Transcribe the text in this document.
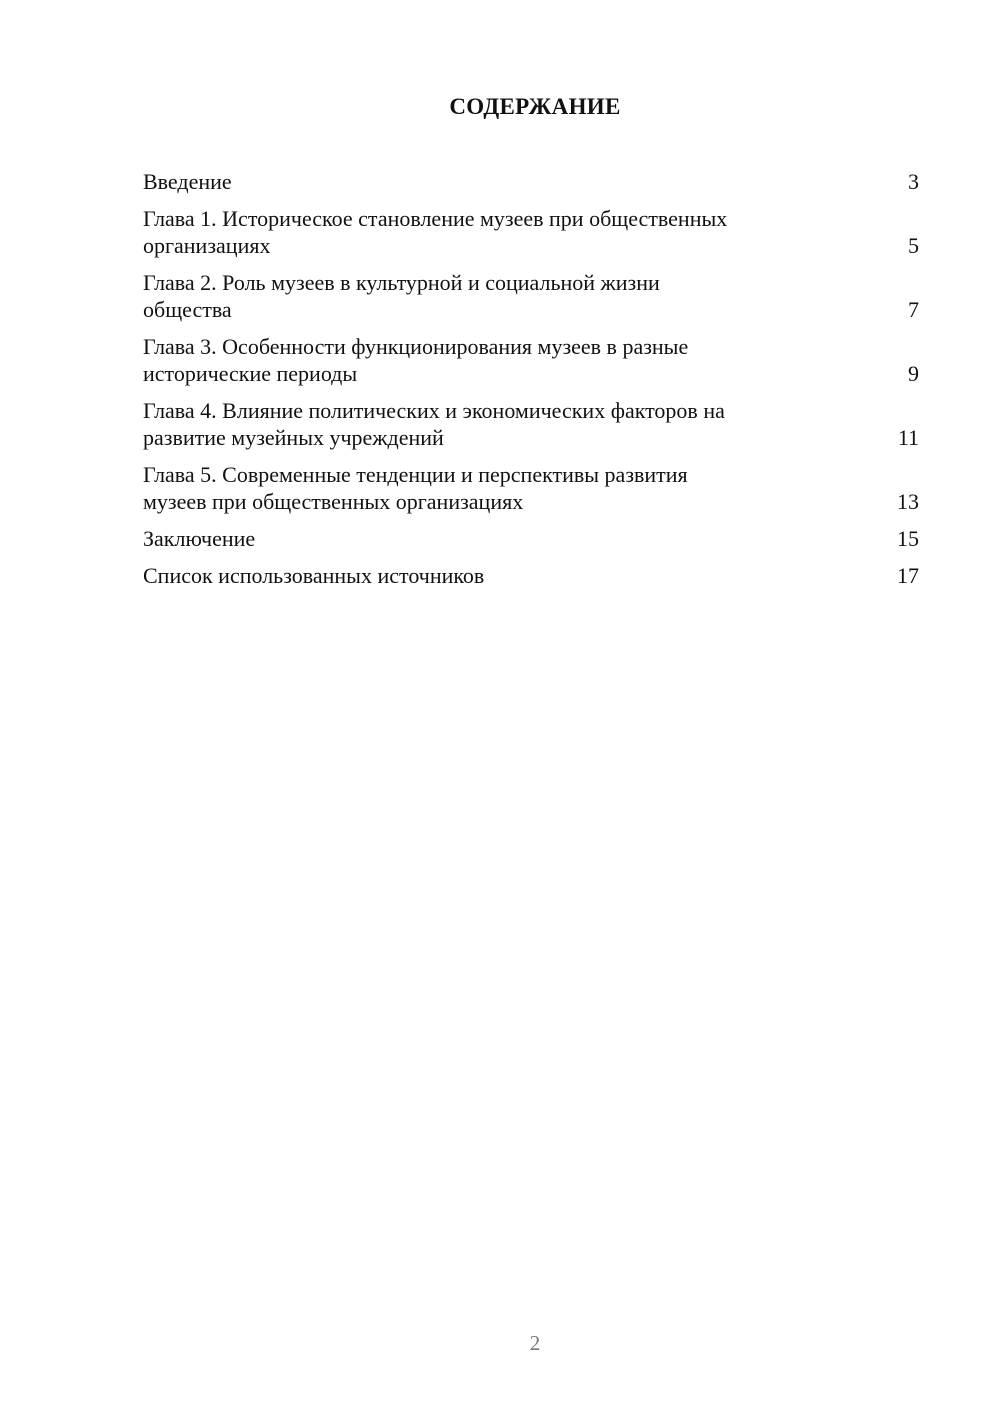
СОДЕРЖАНИЕ
Введение	3
Глава 1. Историческое становление музеев при общественных
организациях	5
Глава 2. Роль музеев в культурной и социальной жизни
общества	7
Глава 3. Особенности функционирования музеев в разные
исторические периоды	9
Глава 4. Влияние политических и экономических факторов на
развитие музейных учреждений	11
Глава 5. Современные тенденции и перспективы развития
музеев при общественных организациях	13
Заключение	15
Список использованных источников	17
2
